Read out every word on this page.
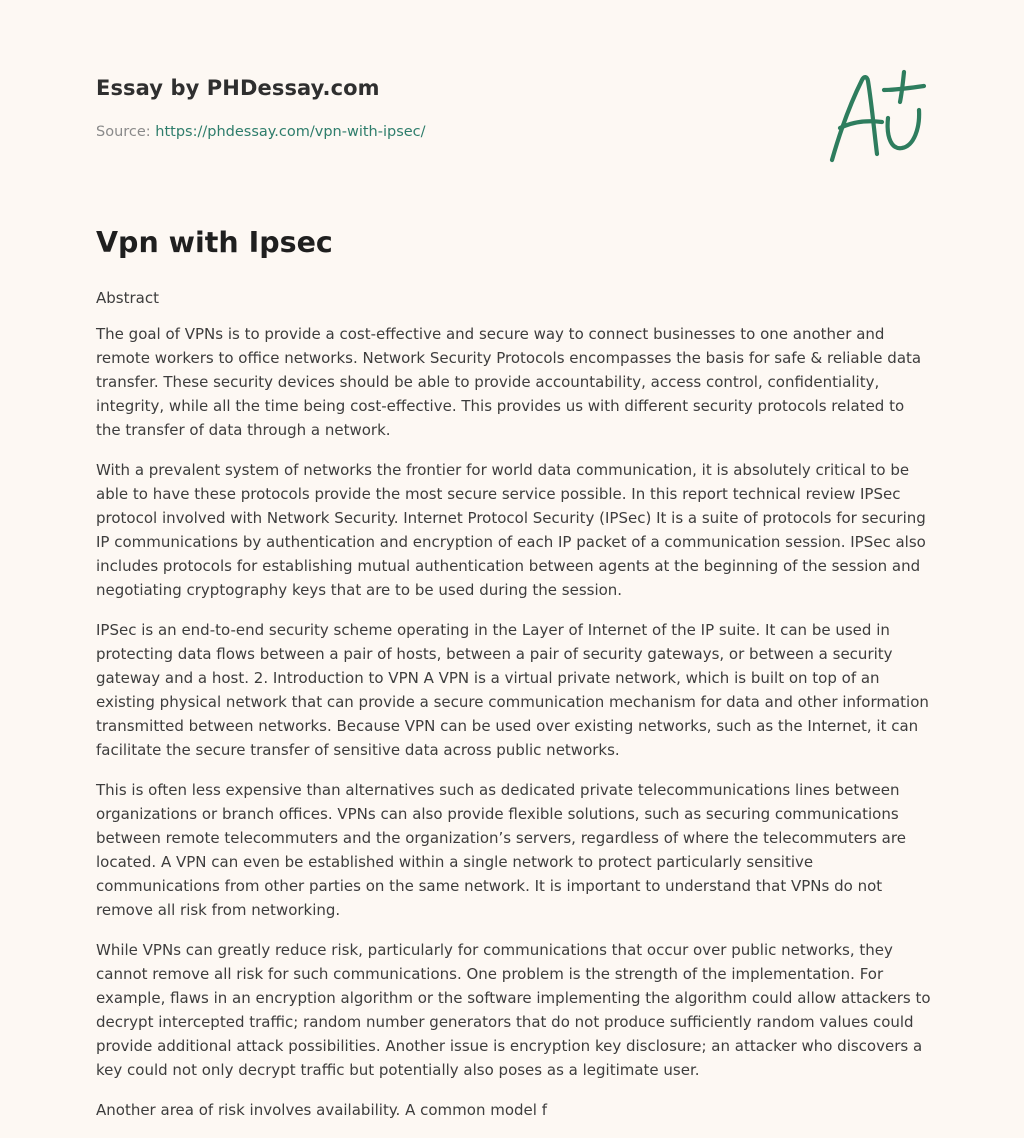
Essay by PHDessay.com
Source: https://phdessay.com/vpn-with-ipsec/
Vpn with Ipsec

Abstract

The goal of VPNs is to provide a cost-effective and secure way to connect businesses to one another and remote workers to office networks. Network Security Protocols encompasses the basis for safe & reliable data transfer. These security devices should be able to provide accountability, access control, confidentiality, integrity, while all the time being cost-effective. This provides us with different security protocols related to the transfer of data through a network.

With a prevalent system of networks the frontier for world data communication, it is absolutely critical to be able to have these protocols provide the most secure service possible. In this report technical review IPSec protocol involved with Network Security. Internet Protocol Security (IPSec) It is a suite of protocols for securing IP communications by authentication and encryption of each IP packet of a communication session. IPSec also includes protocols for establishing mutual authentication between agents at the beginning of the session and negotiating cryptography keys that are to be used during the session.

IPSec is an end-to-end security scheme operating in the Layer of Internet of the IP suite. It can be used in protecting data flows between a pair of hosts, between a pair of security gateways, or between a security gateway and a host. 2. Introduction to VPN A VPN is a virtual private network, which is built on top of an existing physical network that can provide a secure communication mechanism for data and other information transmitted between networks. Because VPN can be used over existing networks, such as the Internet, it can facilitate the secure transfer of sensitive data across public networks.

This is often less expensive than alternatives such as dedicated private telecommunications lines between organizations or branch offices. VPNs can also provide flexible solutions, such as securing communications between remote telecommuters and the organization’s servers, regardless of where the telecommuters are located. A VPN can even be established within a single network to protect particularly sensitive communications from other parties on the same network. It is important to understand that VPNs do not remove all risk from networking.

While VPNs can greatly reduce risk, particularly for communications that occur over public networks, they cannot remove all risk for such communications. One problem is the strength of the implementation. For example, flaws in an encryption algorithm or the software implementing the algorithm could allow attackers to decrypt intercepted traffic; random number generators that do not produce sufficiently random values could provide additional attack possibilities. Another issue is encryption key disclosure; an attacker who discovers a key could not only decrypt traffic but potentially also poses as a legitimate user.

Another area of risk involves availability. A common model f
